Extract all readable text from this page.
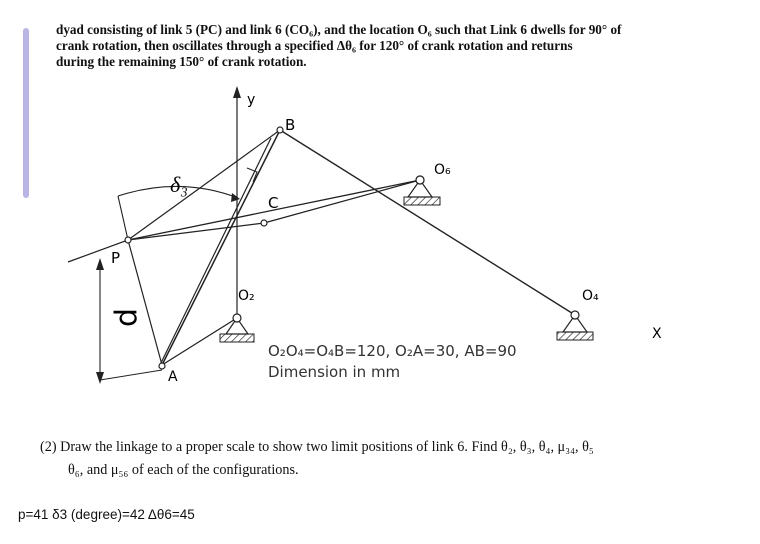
dyad consisting of link 5 (PC) and link 6 (CO₆), and the location O₆ such that Link 6 dwells for 90° of
crank rotation, then oscillates through a specified Δθ₆ for 120° of crank rotation and returns
during the remaining 150° of crank rotation.
y
X
δ₃
p
B
C
P
A
O₂	O₄
O₆
O₂O₄=O₄B=120, O₂A=30, AB=90
Dimension in mm
(2) Draw the linkage to a proper scale to show two limit positions of link 6. Find θ₂, θ₃, θ₄, μ₃₄, θ₅
θ₆, and μ₅₆ of each of the configurations.
p=41 δ3 (degree)=42 Δθ6=45
